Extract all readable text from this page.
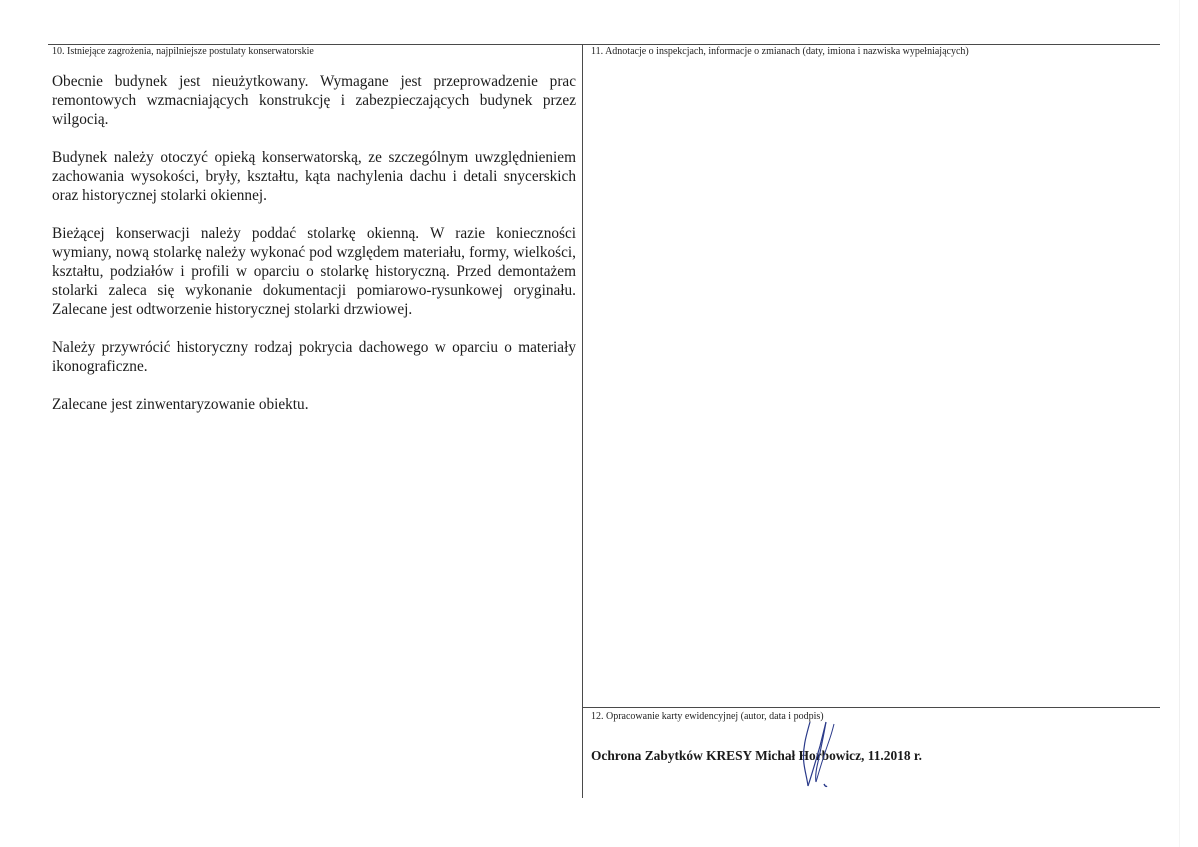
10. Istniejące zagrożenia, najpilniejsze postulaty konserwatorskie

Obecnie budynek jest nieużytkowany. Wymagane jest przeprowadzenie prac remontowych wzmacniających konstrukcję i zabezpieczających budynek przez wilgocią.

Budynek należy otoczyć opieką konserwatorską, ze szczególnym uwzględnieniem zachowania wysokości, bryły, kształtu, kąta nachylenia dachu i detali snycerskich oraz historycznej stolarki okiennej.

Bieżącej konserwacji należy poddać stolarkę okienną. W razie konieczności wymiany, nową stolarkę należy wykonać pod względem materiału, formy, wielkości, kształtu, podziałów i profili w oparciu o stolarkę historyczną. Przed demontażem stolarki zaleca się wykonanie dokumentacji pomiarowo-rysunkowej oryginału. Zalecane jest odtworzenie historycznej stolarki drzwiowej.

Należy przywrócić historyczny rodzaj pokrycia dachowego w oparciu o materiały ikonograficzne.

Zalecane jest zinwentaryzowanie obiektu.

11. Adnotacje o inspekcjach, informacje o zmianach (daty, imiona i nazwiska wypełniających)
12. Opracowanie karty ewidencyjnej (autor, data i podpis)
Ochrona Zabytków KRESY Michał Horbowicz, 11.2018 r.
